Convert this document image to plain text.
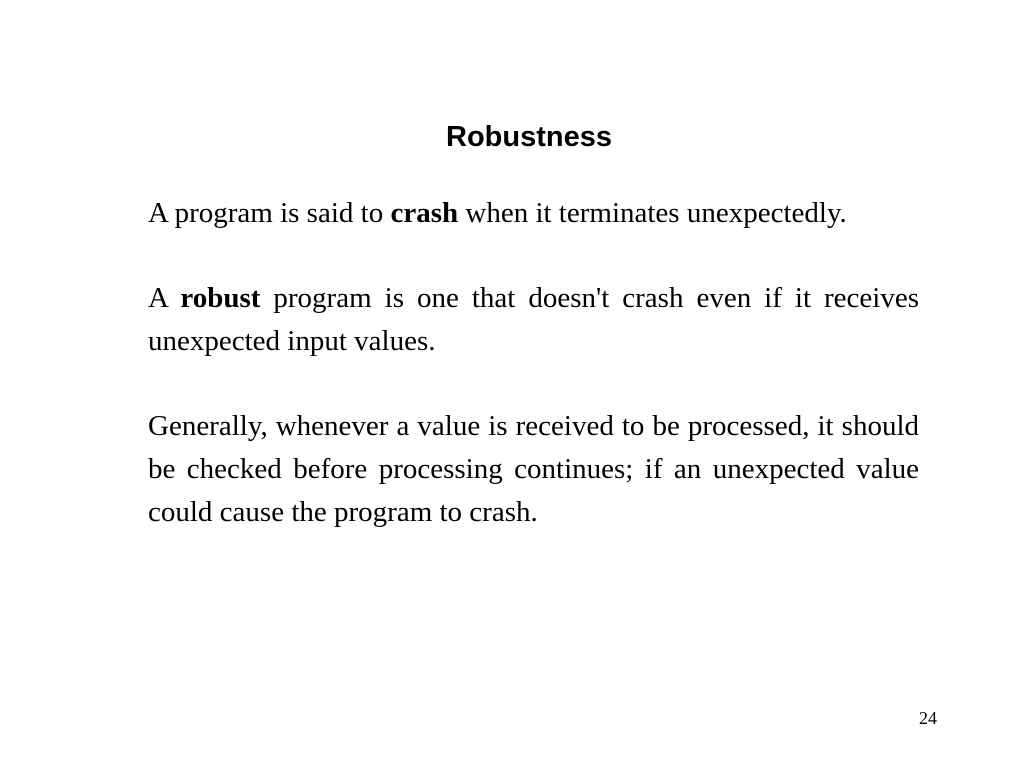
Robustness

A program is said to crash when it terminates unexpectedly.

A robust program is one that doesn't crash even if it receives unexpected input values.

Generally, whenever a value is received to be processed, it should be checked before processing continues; if an unexpected value could cause the program to crash.

24
